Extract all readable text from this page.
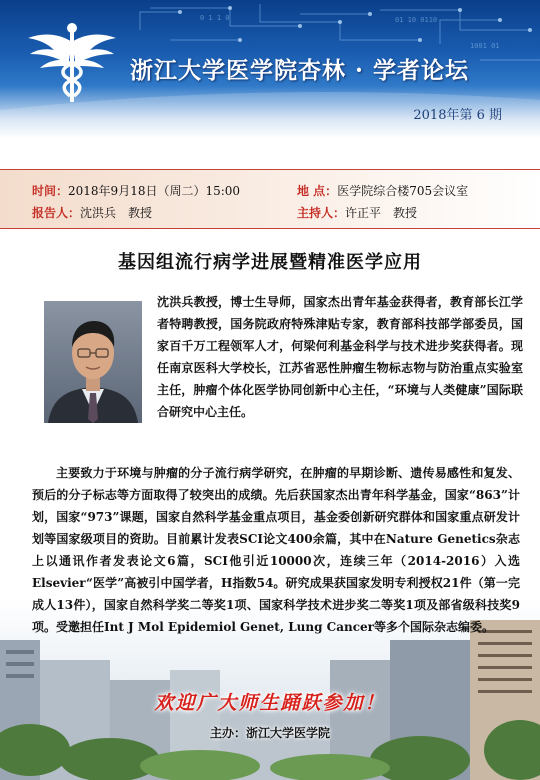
01 10 0110
1001 01
0 1 1 0
浙江大学医学院杏林 · 学者论坛
2018年第 6 期
时间：2018年9月18日（周二）15:00	地 点：医学院综合楼705会议室
报告人：沈洪兵　教授	主持人：许正平　教授
基因组流行病学进展暨精准医学应用
沈洪兵教授，博士生导师，国家杰出青年基金获得者，教育部长江学者特聘教授，国务院政府特殊津贴专家，教育部科技部学部委员，国家百千万工程领军人才，何梁何利基金科学与技术进步奖获得者。现任南京医科大学校长，江苏省恶性肿瘤生物标志物与防治重点实验室主任，肿瘤个体化医学协同创新中心主任，“环境与人类健康”国际联合研究中心主任。
主要致力于环境与肿瘤的分子流行病学研究，在肿瘤的早期诊断、遗传易感性和复发、预后的分子标志等方面取得了较突出的成绩。先后获国家杰出青年科学基金，国家“863”计划，国家“973”课题，国家自然科学基金重点项目，基金委创新研究群体和国家重点研发计划等国家级项目的资助。目前累计发表SCI论文400余篇，其中在Nature Genetics杂志上以通讯作者发表论文6篇，SCI他引近10000次，连续三年（2014-2016）入选Elsevier“医学”高被引中国学者，H指数54。研究成果获国家发明专利授权21件（第一完成人13件），国家自然科学奖二等奖1项、国家科学技术进步奖二等奖1项及部省级科技奖9项。受邀担任Int J Mol Epidemiol Genet, Lung Cancer等多个国际杂志编委。
欢迎广大师生踊跃参加！
主办：浙江大学医学院
